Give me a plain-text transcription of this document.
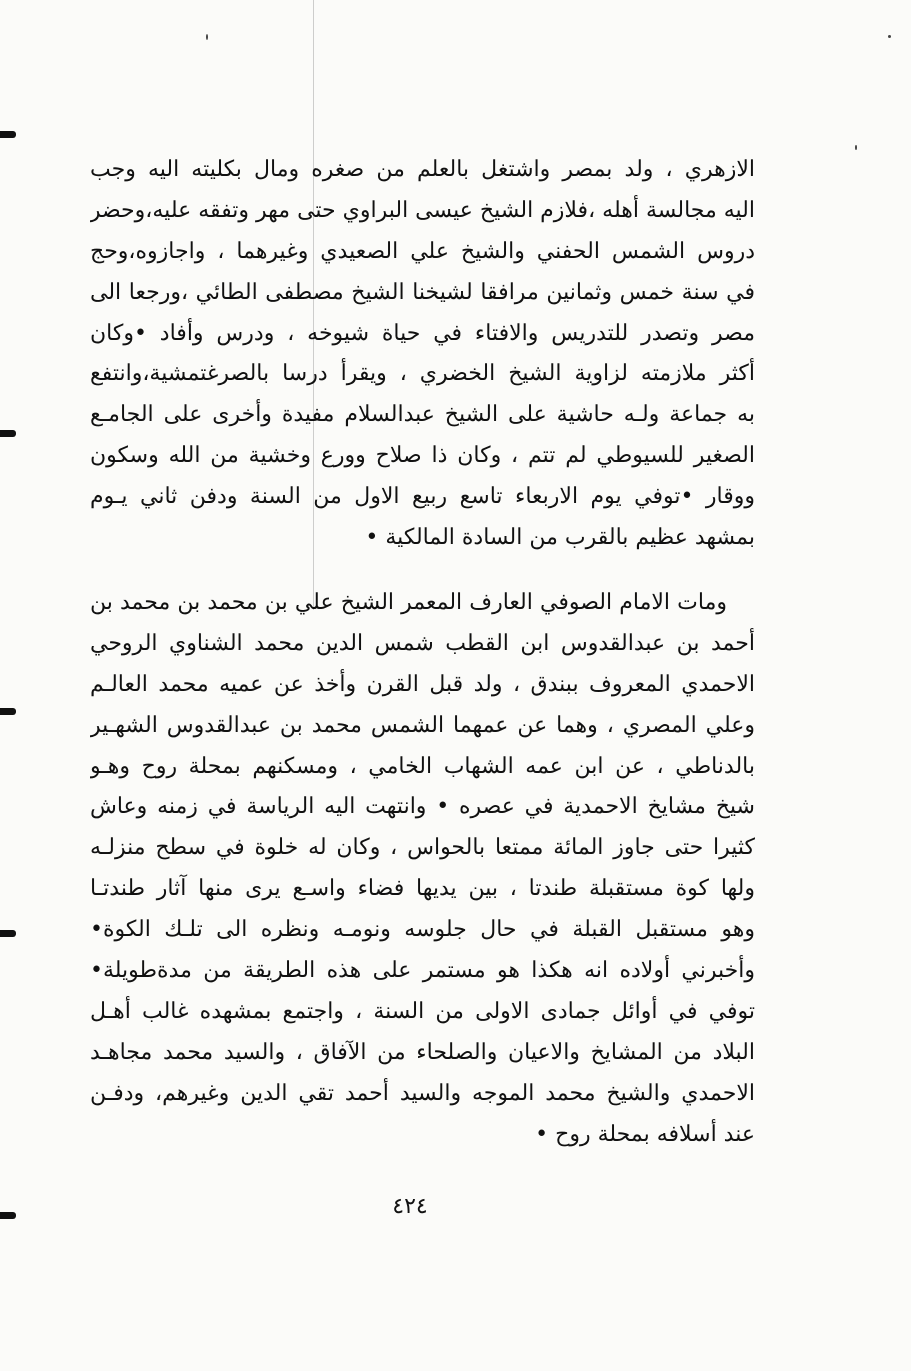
الازهري ، ولد بمصر واشتغل بالعلم من صغره ومال بكليته اليه وجب
اليه مجالسة أهله ،فلازم الشيخ عيسى البراوي حتى مهر وتفقه عليه،وحضر
دروس الشمس الحفني والشيخ علي الصعيدي وغيرهما ، واجازوه،وحج
في سنة خمس وثمانين مرافقا لشيخنا الشيخ مصطفى الطائي ،ورجعا الى
مصر وتصدر للتدريس والافتاء في حياة شيوخه ، ودرس وأفاد •وكان
أكثر ملازمته لزاوية الشيخ الخضري ، ويقرأ درسا بالصرغتمشية،وانتفع
به جماعة ولـه حاشية على الشيخ عبدالسلام مفيدة وأخرى على الجامـع
الصغير للسيوطي لم تتم ، وكان ذا صلاح وورع وخشية من الله وسكون
ووقار •توفي يوم الاربعاء تاسع ربيع الاول من السنة ودفن ثاني يـوم
بمشهد عظيم بالقرب من السادة المالكية •
ومات الامام الصوفي العارف المعمر الشيخ علي بن محمد بن محمد بن
أحمد بن عبدالقدوس ابن القطب شمس الدين محمد الشناوي الروحي
الاحمدي المعروف ببندق ، ولد قبل القرن وأخذ عن عميه محمد العالـم
وعلي المصري ، وهما عن عمهما الشمس محمد بن عبدالقدوس الشهـير
بالدناطي ، عن ابن عمه الشهاب الخامي ، ومسكنهم بمحلة روح وهـو
شيخ مشايخ الاحمدية في عصره • وانتهت اليه الرياسة في زمنه وعاش
كثيرا حتى جاوز المائة ممتعا بالحواس ، وكان له خلوة في سطح منزلـه
ولها كوة مستقبلة طندتا ، بين يديها فضاء واسـع يرى منها آثار طندتـا
وهو مستقبل القبلة في حال جلوسه ونومـه ونظره الى تلـك الكوة•
وأخبرني أولاده انه هكذا هو مستمر على هذه الطريقة من مدةطويلة•
توفي في أوائل جمادى الاولى من السنة ، واجتمع بمشهده غالب أهـل
البلاد من المشايخ والاعيان والصلحاء من الآفاق ، والسيد محمد مجاهـد
الاحمدي والشيخ محمد الموجه والسيد أحمد تقي الدين وغيرهم، ودفـن
عند أسلافه بمحلة روح •
٤٢٤
